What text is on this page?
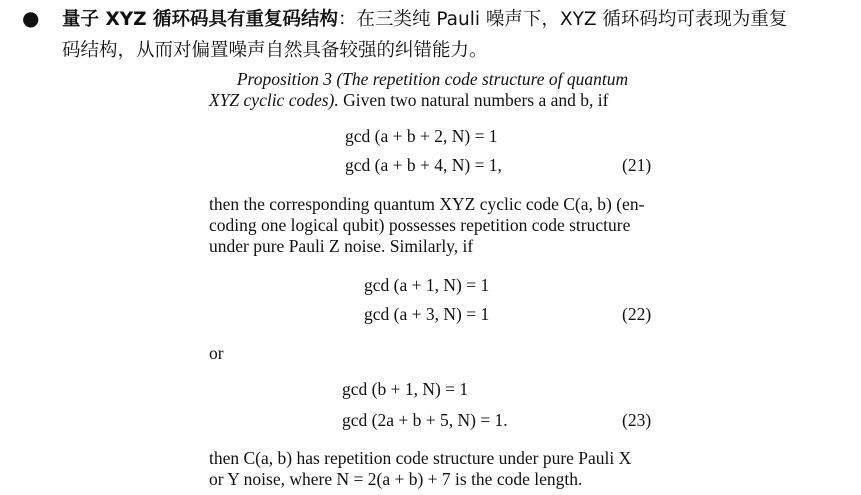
● 量子 XYZ 循环码具有重复码结构：在三类纯 Pauli 噪声下，XYZ 循环码均可表现为重复
码结构，从而对偏置噪声自然具备较强的纠错能力。
Proposition 3 (The repetition code structure of quantum
XYZ cyclic codes). Given two natural numbers a and b, if
gcd (a + b + 2, N) = 1
gcd (a + b + 4, N) = 1,	(21)
then the corresponding quantum XYZ cyclic code C(a, b) (en-
coding one logical qubit) possesses repetition code structure
under pure Pauli Z noise. Similarly, if
gcd (a + 1, N) = 1
gcd (a + 3, N) = 1	(22)
or
gcd (b + 1, N) = 1
gcd (2a + b + 5, N) = 1.	(23)
then C(a, b) has repetition code structure under pure Pauli X
or Y noise, where N = 2(a + b) + 7 is the code length.
